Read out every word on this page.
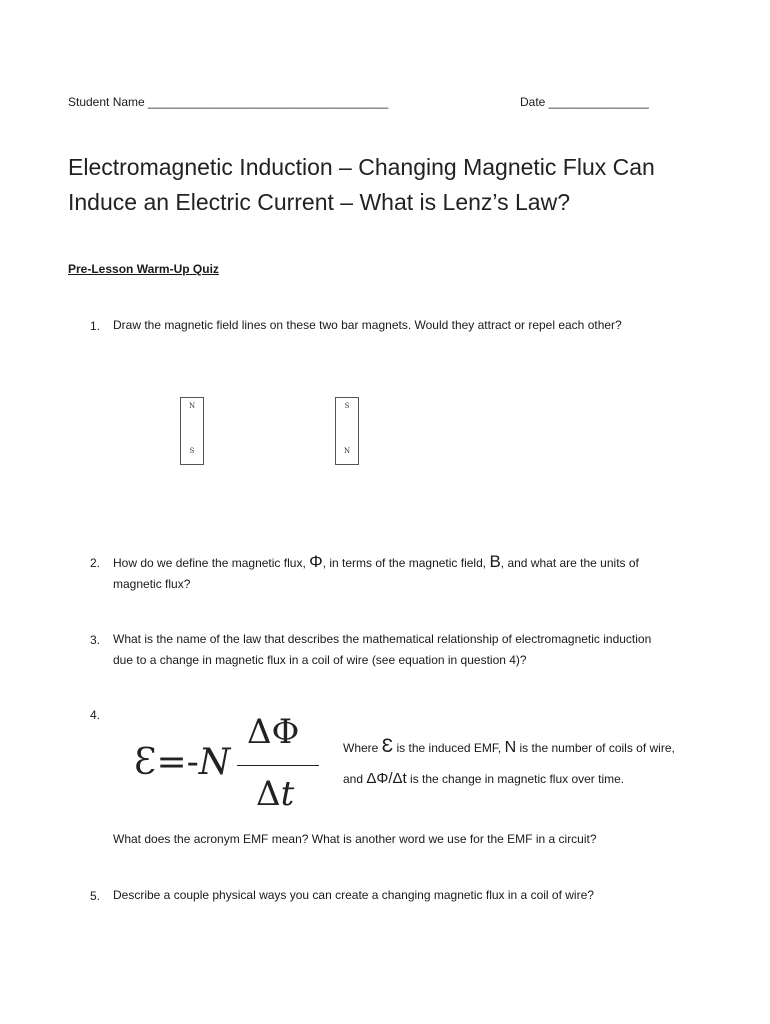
Student Name ____________________________________	Date _______________
Electromagnetic Induction – Changing Magnetic Flux Can
Induce an Electric Current – What is Lenz’s Law?
Pre-Lesson Warm-Up Quiz
1. Draw the magnetic field lines on these two bar magnets. Would they attract or repel each other?
N
S
S
N
2. How do we define the magnetic flux, Φ, in terms of the magnetic field, B, and what are the units of
magnetic flux?
3. What is the name of the law that describes the mathematical relationship of electromagnetic induction
due to a change in magnetic flux in a coil of wire (see equation in question 4)?
4.
Ɛ=-N
ΔΦ
Δt
Where Ɛ is the induced EMF, N is the number of coils of wire,
and ΔΦ/Δt is the change in magnetic flux over time.
What does the acronym EMF mean? What is another word we use for the EMF in a circuit?
5. Describe a couple physical ways you can create a changing magnetic flux in a coil of wire?
